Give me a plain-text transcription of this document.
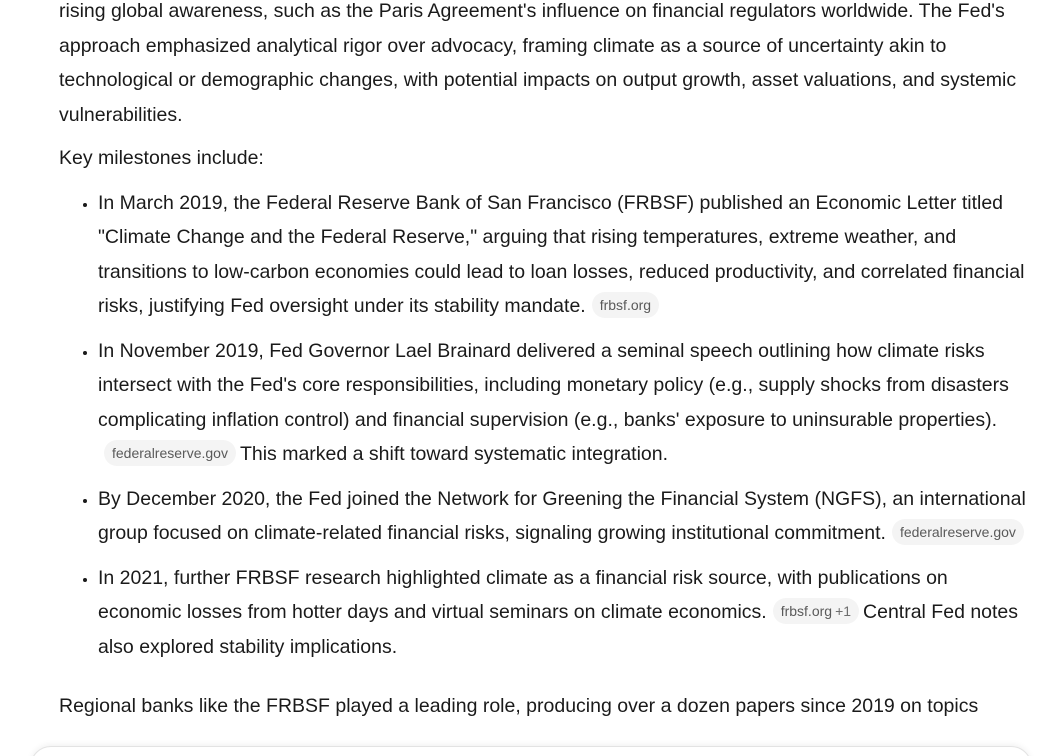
rising global awareness, such as the Paris Agreement's influence on financial regulators worldwide. The Fed's approach emphasized analytical rigor over advocacy, framing climate as a source of uncertainty akin to technological or demographic changes, with potential impacts on output growth, asset valuations, and systemic vulnerabilities.

Key milestones include:

• In March 2019, the Federal Reserve Bank of San Francisco (FRBSF) published an Economic Letter titled "Climate Change and the Federal Reserve," arguing that rising temperatures, extreme weather, and transitions to low-carbon economies could lead to loan losses, reduced productivity, and correlated financial risks, justifying Fed oversight under its stability mandate. frbsf.org
• In November 2019, Fed Governor Lael Brainard delivered a seminal speech outlining how climate risks intersect with the Fed's core responsibilities, including monetary policy (e.g., supply shocks from disasters complicating inflation control) and financial supervision (e.g., banks' exposure to uninsurable properties).federalreserve.gov This marked a shift toward systematic integration.
• By December 2020, the Fed joined the Network for Greening the Financial System (NGFS), an international group focused on climate-related financial risks, signaling growing institutional commitment. federalreserve.gov
• In 2021, further FRBSF research highlighted climate as a financial risk source, with publications on economic losses from hotter days and virtual seminars on climate economics. frbsf.org +1 Central Fed notes also explored stability implications.

Regional banks like the FRBSF played a leading role, producing over a dozen papers since 2019 on topics
